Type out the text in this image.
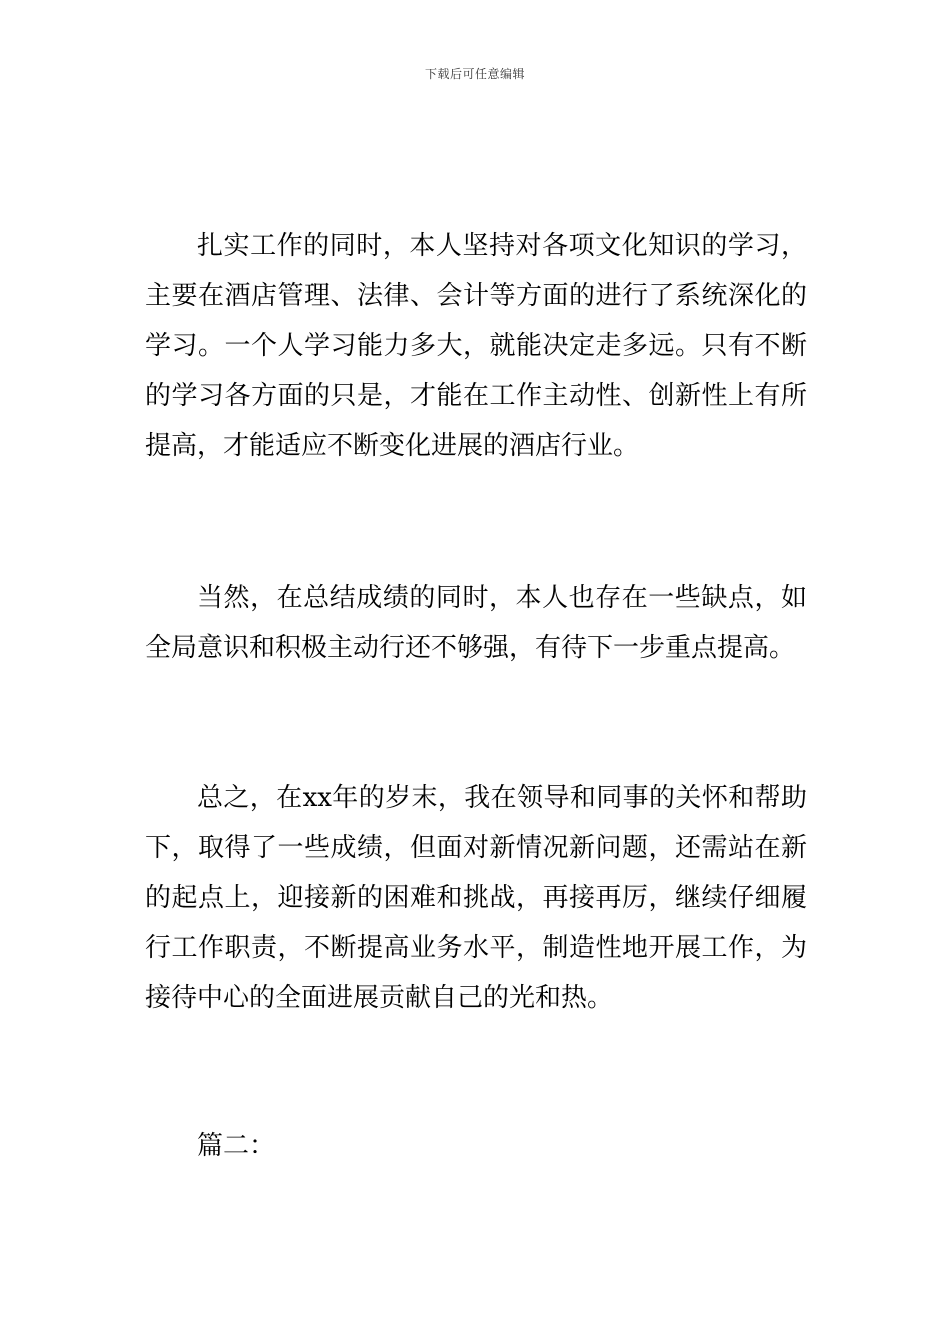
下载后可任意编辑

扎实工作的同时，本人坚持对各项文化知识的学习，主要在酒店管理、法律、会计等方面的进行了系统深化的学习。一个人学习能力多大，就能决定走多远。只有不断的学习各方面的只是，才能在工作主动性、创新性上有所提高，才能适应不断变化进展的酒店行业。

当然，在总结成绩的同时，本人也存在一些缺点，如全局意识和积极主动行还不够强，有待下一步重点提高。

总之，在xx年的岁末，我在领导和同事的关怀和帮助下，取得了一些成绩，但面对新情况新问题，还需站在新的起点上，迎接新的困难和挑战，再接再厉，继续仔细履行工作职责，不断提高业务水平，制造性地开展工作，为接待中心的全面进展贡献自己的光和热。

篇二：
